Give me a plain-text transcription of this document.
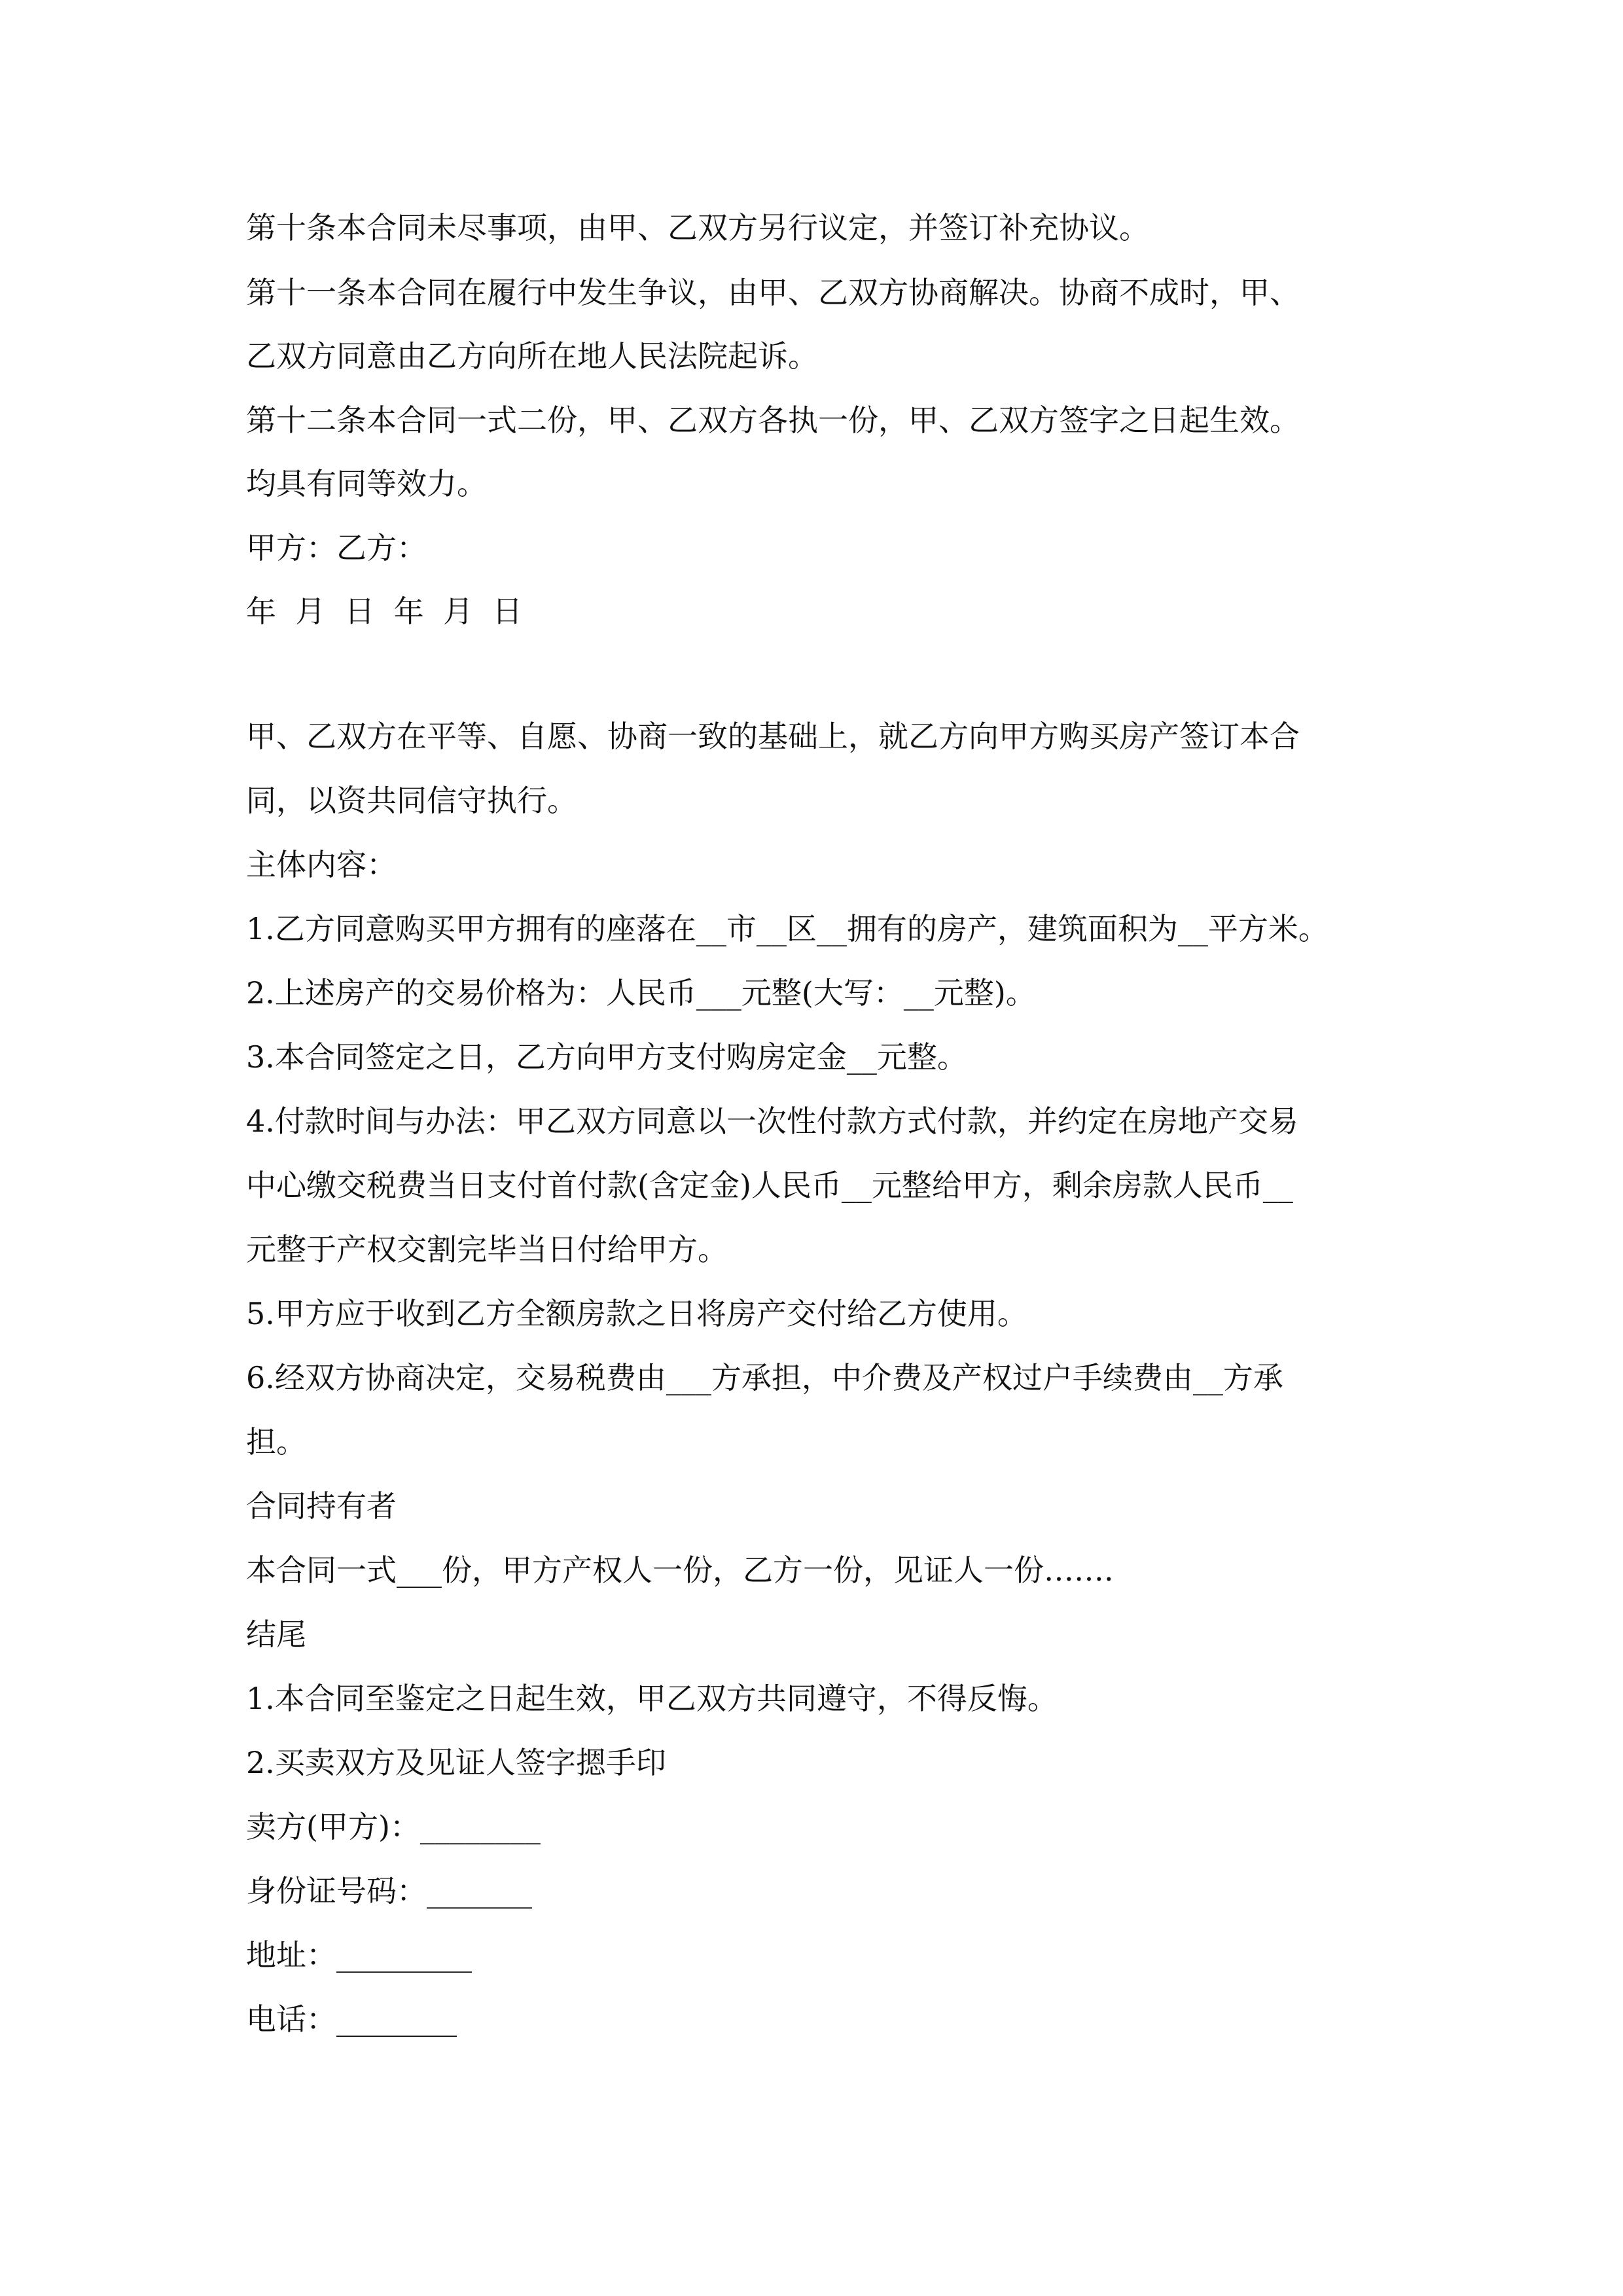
第十条本合同未尽事项，由甲、乙双方另行议定，并签订补充协议。

第十一条本合同在履行中发生争议，由甲、乙双方协商解决。协商不成时，甲、

乙双方同意由乙方向所在地人民法院起诉。

第十二条本合同一式二份，甲、乙双方各执一份，甲、乙双方签字之日起生效。

均具有同等效力。

甲方：乙方：

年  月  日  年  月  日

甲、乙双方在平等、自愿、协商一致的基础上，就乙方向甲方购买房产签订本合

同，以资共同信守执行。

主体内容：

1.乙方同意购买甲方拥有的座落在__市__区__拥有的房产，建筑面积为__平方米。

2.上述房产的交易价格为：人民币___元整(大写：__元整)。

3.本合同签定之日，乙方向甲方支付购房定金__元整。

4.付款时间与办法：甲乙双方同意以一次性付款方式付款，并约定在房地产交易

中心缴交税费当日支付首付款(含定金)人民币__元整给甲方，剩余房款人民币__

元整于产权交割完毕当日付给甲方。

5.甲方应于收到乙方全额房款之日将房产交付给乙方使用。

6.经双方协商决定，交易税费由___方承担，中介费及产权过户手续费由__方承

担。

合同持有者

本合同一式___份，甲方产权人一份，乙方一份，见证人一份…….

结尾

1.本合同至鉴定之日起生效，甲乙双方共同遵守，不得反悔。

2.买卖双方及见证人签字摁手印

卖方(甲方)：________

身份证号码：_______

地址：_________

电话：________
